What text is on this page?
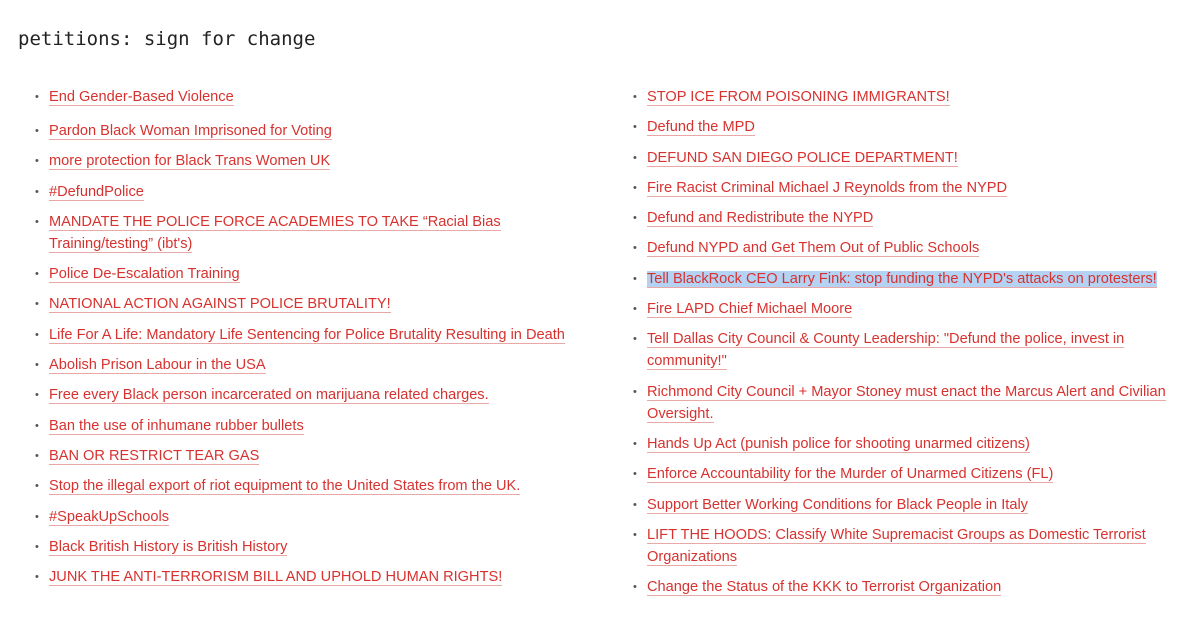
petitions: sign for change
• End Gender-Based Violence
• Pardon Black Woman Imprisoned for Voting
• more protection for Black Trans Women UK
• #DefundPolice
• MANDATE THE POLICE FORCE ACADEMIES TO TAKE “Racial Bias Training/testing” (ibt's)
• Police De-Escalation Training
• NATIONAL ACTION AGAINST POLICE BRUTALITY!
• Life For A Life: Mandatory Life Sentencing for Police Brutality Resulting in Death
• Abolish Prison Labour in the USA
• Free every Black person incarcerated on marijuana related charges.
• Ban the use of inhumane rubber bullets
• BAN OR RESTRICT TEAR GAS
• Stop the illegal export of riot equipment to the United States from the UK.
• #SpeakUpSchools
• Black British History is British History
• JUNK THE ANTI-TERRORISM BILL AND UPHOLD HUMAN RIGHTS!
• STOP ICE FROM POISONING IMMIGRANTS!
• Defund the MPD
• DEFUND SAN DIEGO POLICE DEPARTMENT!
• Fire Racist Criminal Michael J Reynolds from the NYPD
• Defund and Redistribute the NYPD
• Defund NYPD and Get Them Out of Public Schools
• Tell BlackRock CEO Larry Fink: stop funding the NYPD's attacks on protesters!
• Fire LAPD Chief Michael Moore
• Tell Dallas City Council & County Leadership: "Defund the police, invest in community!"
• Richmond City Council + Mayor Stoney must enact the Marcus Alert and Civilian Oversight.
• Hands Up Act (punish police for shooting unarmed citizens)
• Enforce Accountability for the Murder of Unarmed Citizens (FL)
• Support Better Working Conditions for Black People in Italy
• LIFT THE HOODS: Classify White Supremacist Groups as Domestic Terrorist Organizations
• Change the Status of the KKK to Terrorist Organization
